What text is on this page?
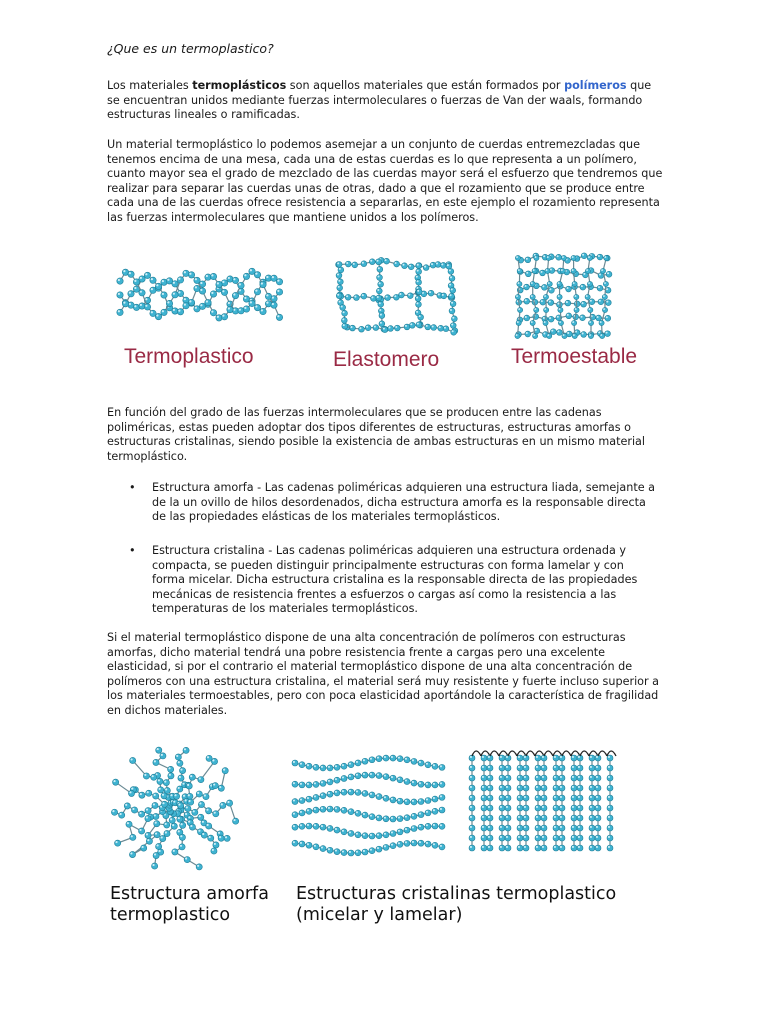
¿Que es un termoplastico?

Los materiales termoplásticos son aquellos materiales que están formados por polímeros que se encuentran unidos mediante fuerzas intermoleculares o fuerzas de Van der waals, formando estructuras lineales o ramificadas.

Un material termoplástico lo podemos asemejar a un conjunto de cuerdas entremezcladas que tenemos encima de una mesa, cada una de estas cuerdas es lo que representa a un polímero, cuanto mayor sea el grado de mezclado de las cuerdas mayor será el esfuerzo que tendremos que realizar para separar las cuerdas unas de otras, dado a que el rozamiento que se produce entre cada una de las cuerdas ofrece resistencia a separarlas, en este ejemplo el rozamiento representa las fuerzas intermoleculares que mantiene unidos a los polímeros.

En función del grado de las fuerzas intermoleculares que se producen entre las cadenas poliméricas, estas pueden adoptar dos tipos diferentes de estructuras, estructuras amorfas o estructuras cristalinas, siendo posible la existencia de ambas estructuras en un mismo material termoplástico.

• Estructura amorfa - Las cadenas poliméricas adquieren una estructura liada, semejante a de la un ovillo de hilos desordenados, dicha estructura amorfa es la responsable directa de las propiedades elásticas de los materiales termoplásticos.
• Estructura cristalina - Las cadenas poliméricas adquieren una estructura ordenada y compacta, se pueden distinguir principalmente estructuras con forma lamelar y con forma micelar. Dicha estructura cristalina es la responsable directa de las propiedades mecánicas de resistencia frentes a esfuerzos o cargas así como la resistencia a las temperaturas de los materiales termoplásticos.

Si el material termoplástico dispone de una alta concentración de polímeros con estructuras amorfas, dicho material tendrá una pobre resistencia frente a cargas pero una excelente elasticidad, si por el contrario el material termoplástico dispone de una alta concentración de polímeros con una estructura cristalina, el material será muy resistente y fuerte incluso superior a los materiales termoestables, pero con poca elasticidad aportándole la característica de fragilidad en dichos materiales.

Termoplastico	Elastomero	Termoestable
Estructura amorfa
termoplastico
Estructuras cristalinas termoplastico
(micelar y lamelar)
